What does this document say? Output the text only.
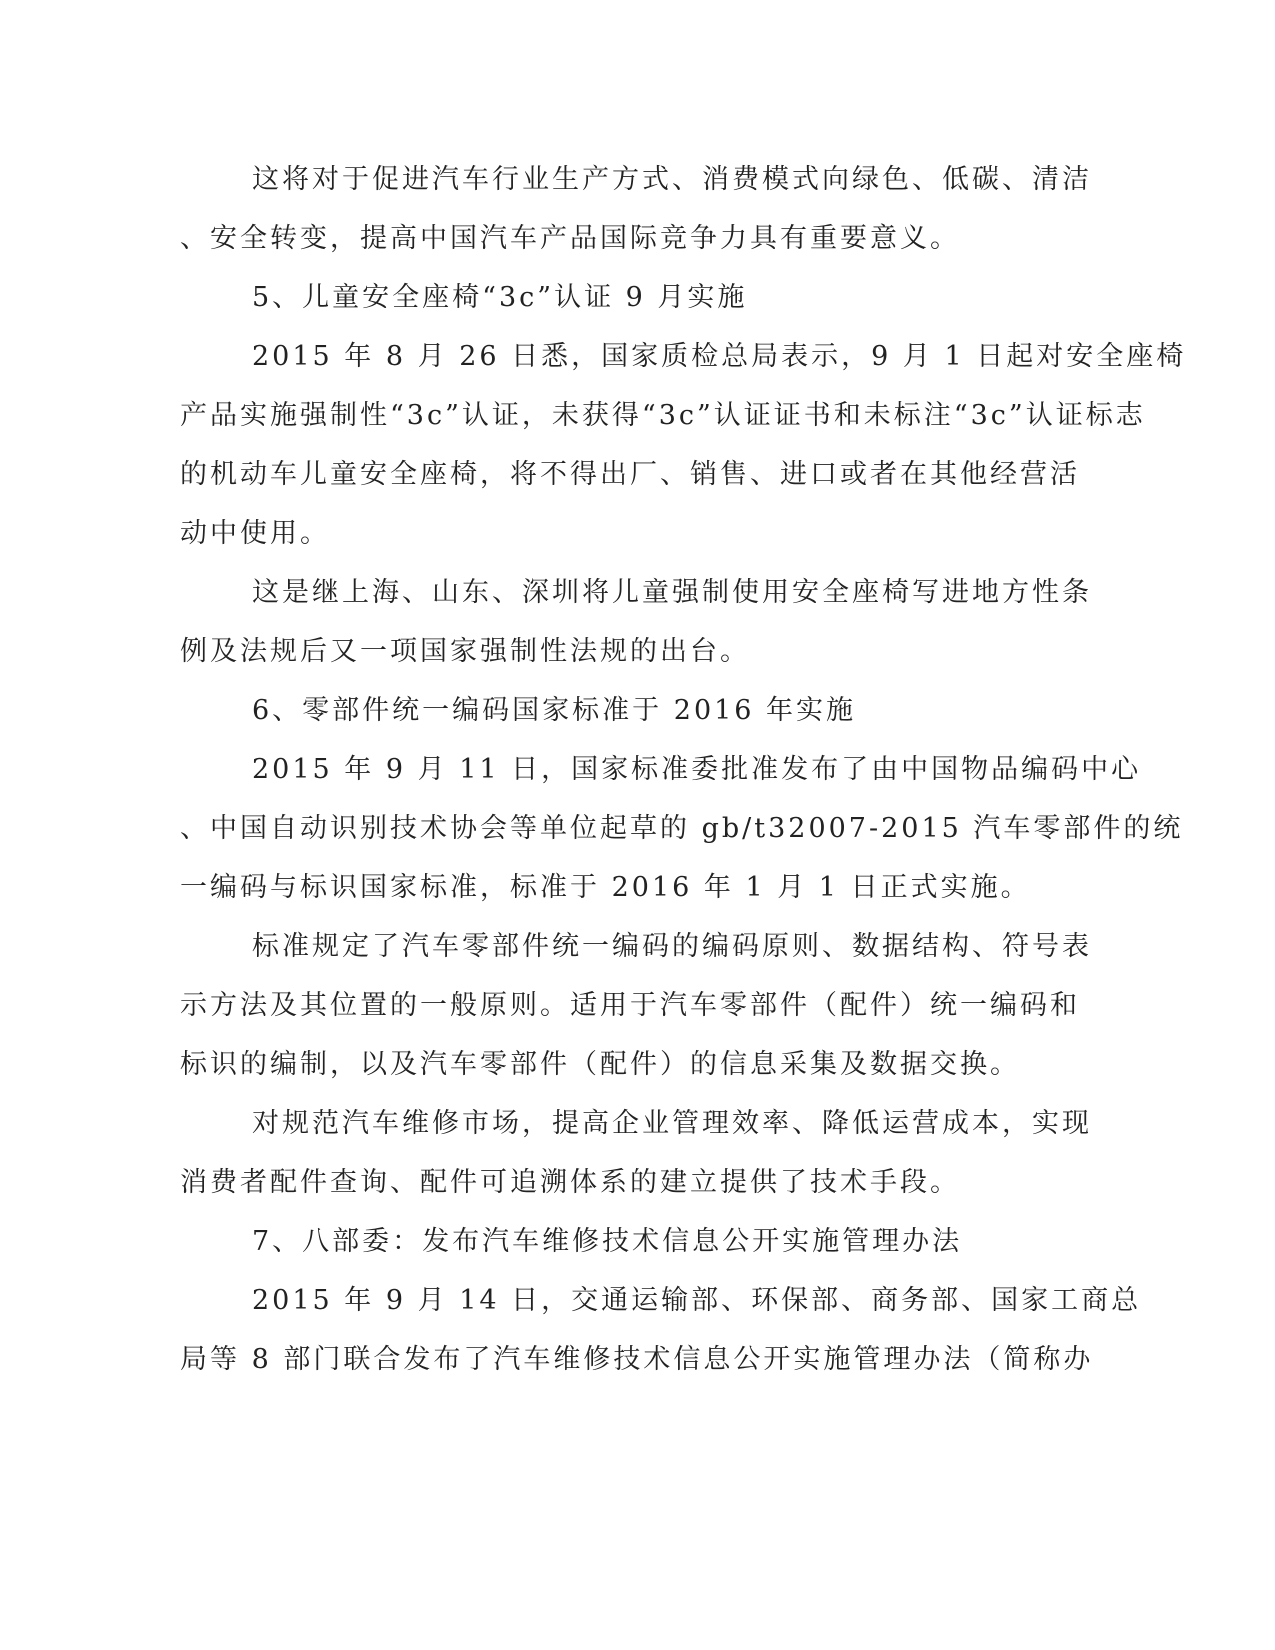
这将对于促进汽车行业生产方式、消费模式向绿色、低碳、清洁
、安全转变，提高中国汽车产品国际竞争力具有重要意义。
5、儿童安全座椅“3c”认证 9 月实施
2015 年 8 月 26 日悉，国家质检总局表示，9 月 1 日起对安全座椅
产品实施强制性“3c”认证，未获得“3c”认证证书和未标注“3c”认证标志
的机动车儿童安全座椅，将不得出厂、销售、进口或者在其他经营活
动中使用。
这是继上海、山东、深圳将儿童强制使用安全座椅写进地方性条
例及法规后又一项国家强制性法规的出台。
6、零部件统一编码国家标准于 2016 年实施
2015 年 9 月 11 日，国家标准委批准发布了由中国物品编码中心
、中国自动识别技术协会等单位起草的 gb/t32007-2015 汽车零部件的统
一编码与标识国家标准，标准于 2016 年 1 月 1 日正式实施。
标准规定了汽车零部件统一编码的编码原则、数据结构、符号表
示方法及其位置的一般原则。适用于汽车零部件（配件）统一编码和
标识的编制，以及汽车零部件（配件）的信息采集及数据交换。
对规范汽车维修市场，提高企业管理效率、降低运营成本，实现
消费者配件查询、配件可追溯体系的建立提供了技术手段。
7、八部委：发布汽车维修技术信息公开实施管理办法
2015 年 9 月 14 日，交通运输部、环保部、商务部、国家工商总
局等 8 部门联合发布了汽车维修技术信息公开实施管理办法（简称办
